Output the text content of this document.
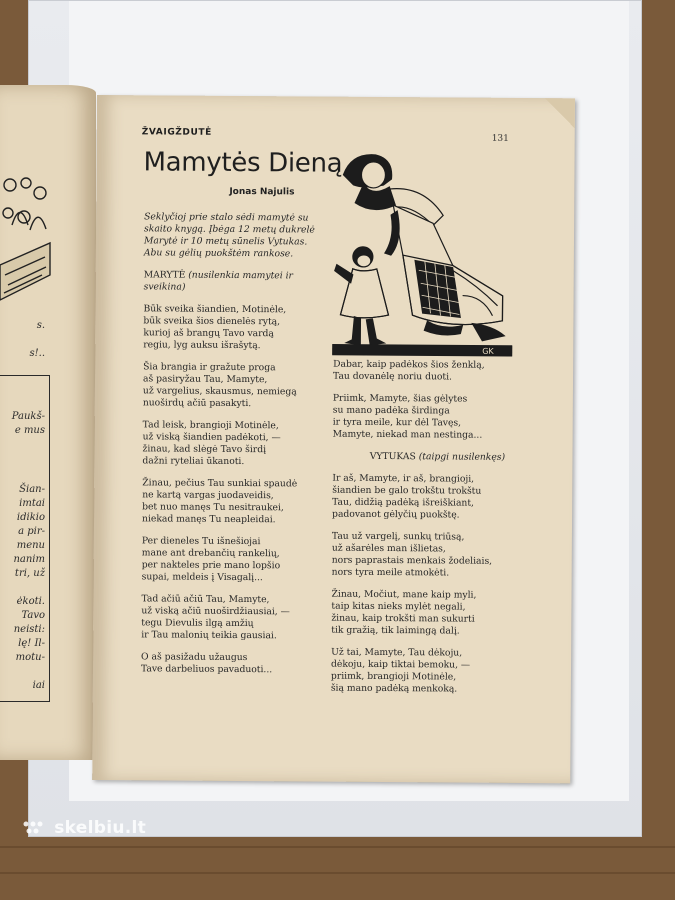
s.
s!..
Paukš-
e mus
Šian-
imtai
idikio
a pir-
menu
nanim
tri, už
ėkoti.
Tavo
neisti:
lę! Il-
motu-
iai
ŽVAIGŽDUTĖ
131
Mamytės Dieną
Jonas Najulis
GK

Seklyčioj prie stalo sėdi mamytė su
skaito knygą. Įbėga 12 metų dukrelė
Marytė ir 10 metų sūnelis Vytukas.
Abu su gėlių puokštėm rankose.

MARYTĖ (nusilenkia mamytei ir
sveikina)

Būk sveika šiandien, Motinėle,
būk sveika šios dienelės rytą,
kurioj aš brangų Tavo vardą
regiu, lyg auksu išrašytą.

Šia brangia ir gražute proga
aš pasiryžau Tau, Mamyte,
už vargelius, skausmus, nemiegą
nuoširdų ačiū pasakyti.

Tad leisk, brangioji Motinėle,
už viską šiandien padėkoti, —
žinau, kad slėgė Tavo širdį
dažni ryteliai ūkanoti.

Žinau, pečius Tau sunkiai spaudė
ne kartą vargas juodaveidis,
bet nuo manęs Tu nesitraukei,
niekad manęs Tu neapleidai.

Per dieneles Tu išnešiojai
mane ant drebančių rankelių,
per nakteles prie mano lopšio
supai, meldeis į Visagalį...

Tad ačiū ačiū Tau, Mamyte,
už viską ačiū nuoširdžiausiai, —
tegu Dievulis ilgą amžių
ir Tau malonių teikia gausiai.

O aš pasižadu užaugus
Tave darbeliuos pavaduoti...

Dabar, kaip padėkos šios ženklą,
Tau dovanėlę noriu duoti.

Priimk, Mamyte, šias gėlytes
su mano padėka širdinga
ir tyra meile, kur dėl Tavęs,
Mamyte, niekad man nestinga...

VYTUKAS (taipgi nusilenkęs)

Ir aš, Mamyte, ir aš, brangioji,
šiandien be galo trokštu trokštu
Tau, didžią padėką išreiškiant,
padovanot gėlyčių puokštę.

Tau už vargelį, sunkų triūsą,
už ašarėles man išlietas,
nors paprastais menkais žodeliais,
nors tyra meile atmokėti.

Žinau, Močiut, mane kaip myli,
taip kitas nieks mylėt negali,
žinau, kaip trokšti man sukurti
tik gražią, tik laimingą dalį.

Už tai, Mamyte, Tau dėkoju,
dėkoju, kaip tiktai bemoku, —
priimk, brangioji Motinėle,
šią mano padėką menkoką.

skelbiu.lt
